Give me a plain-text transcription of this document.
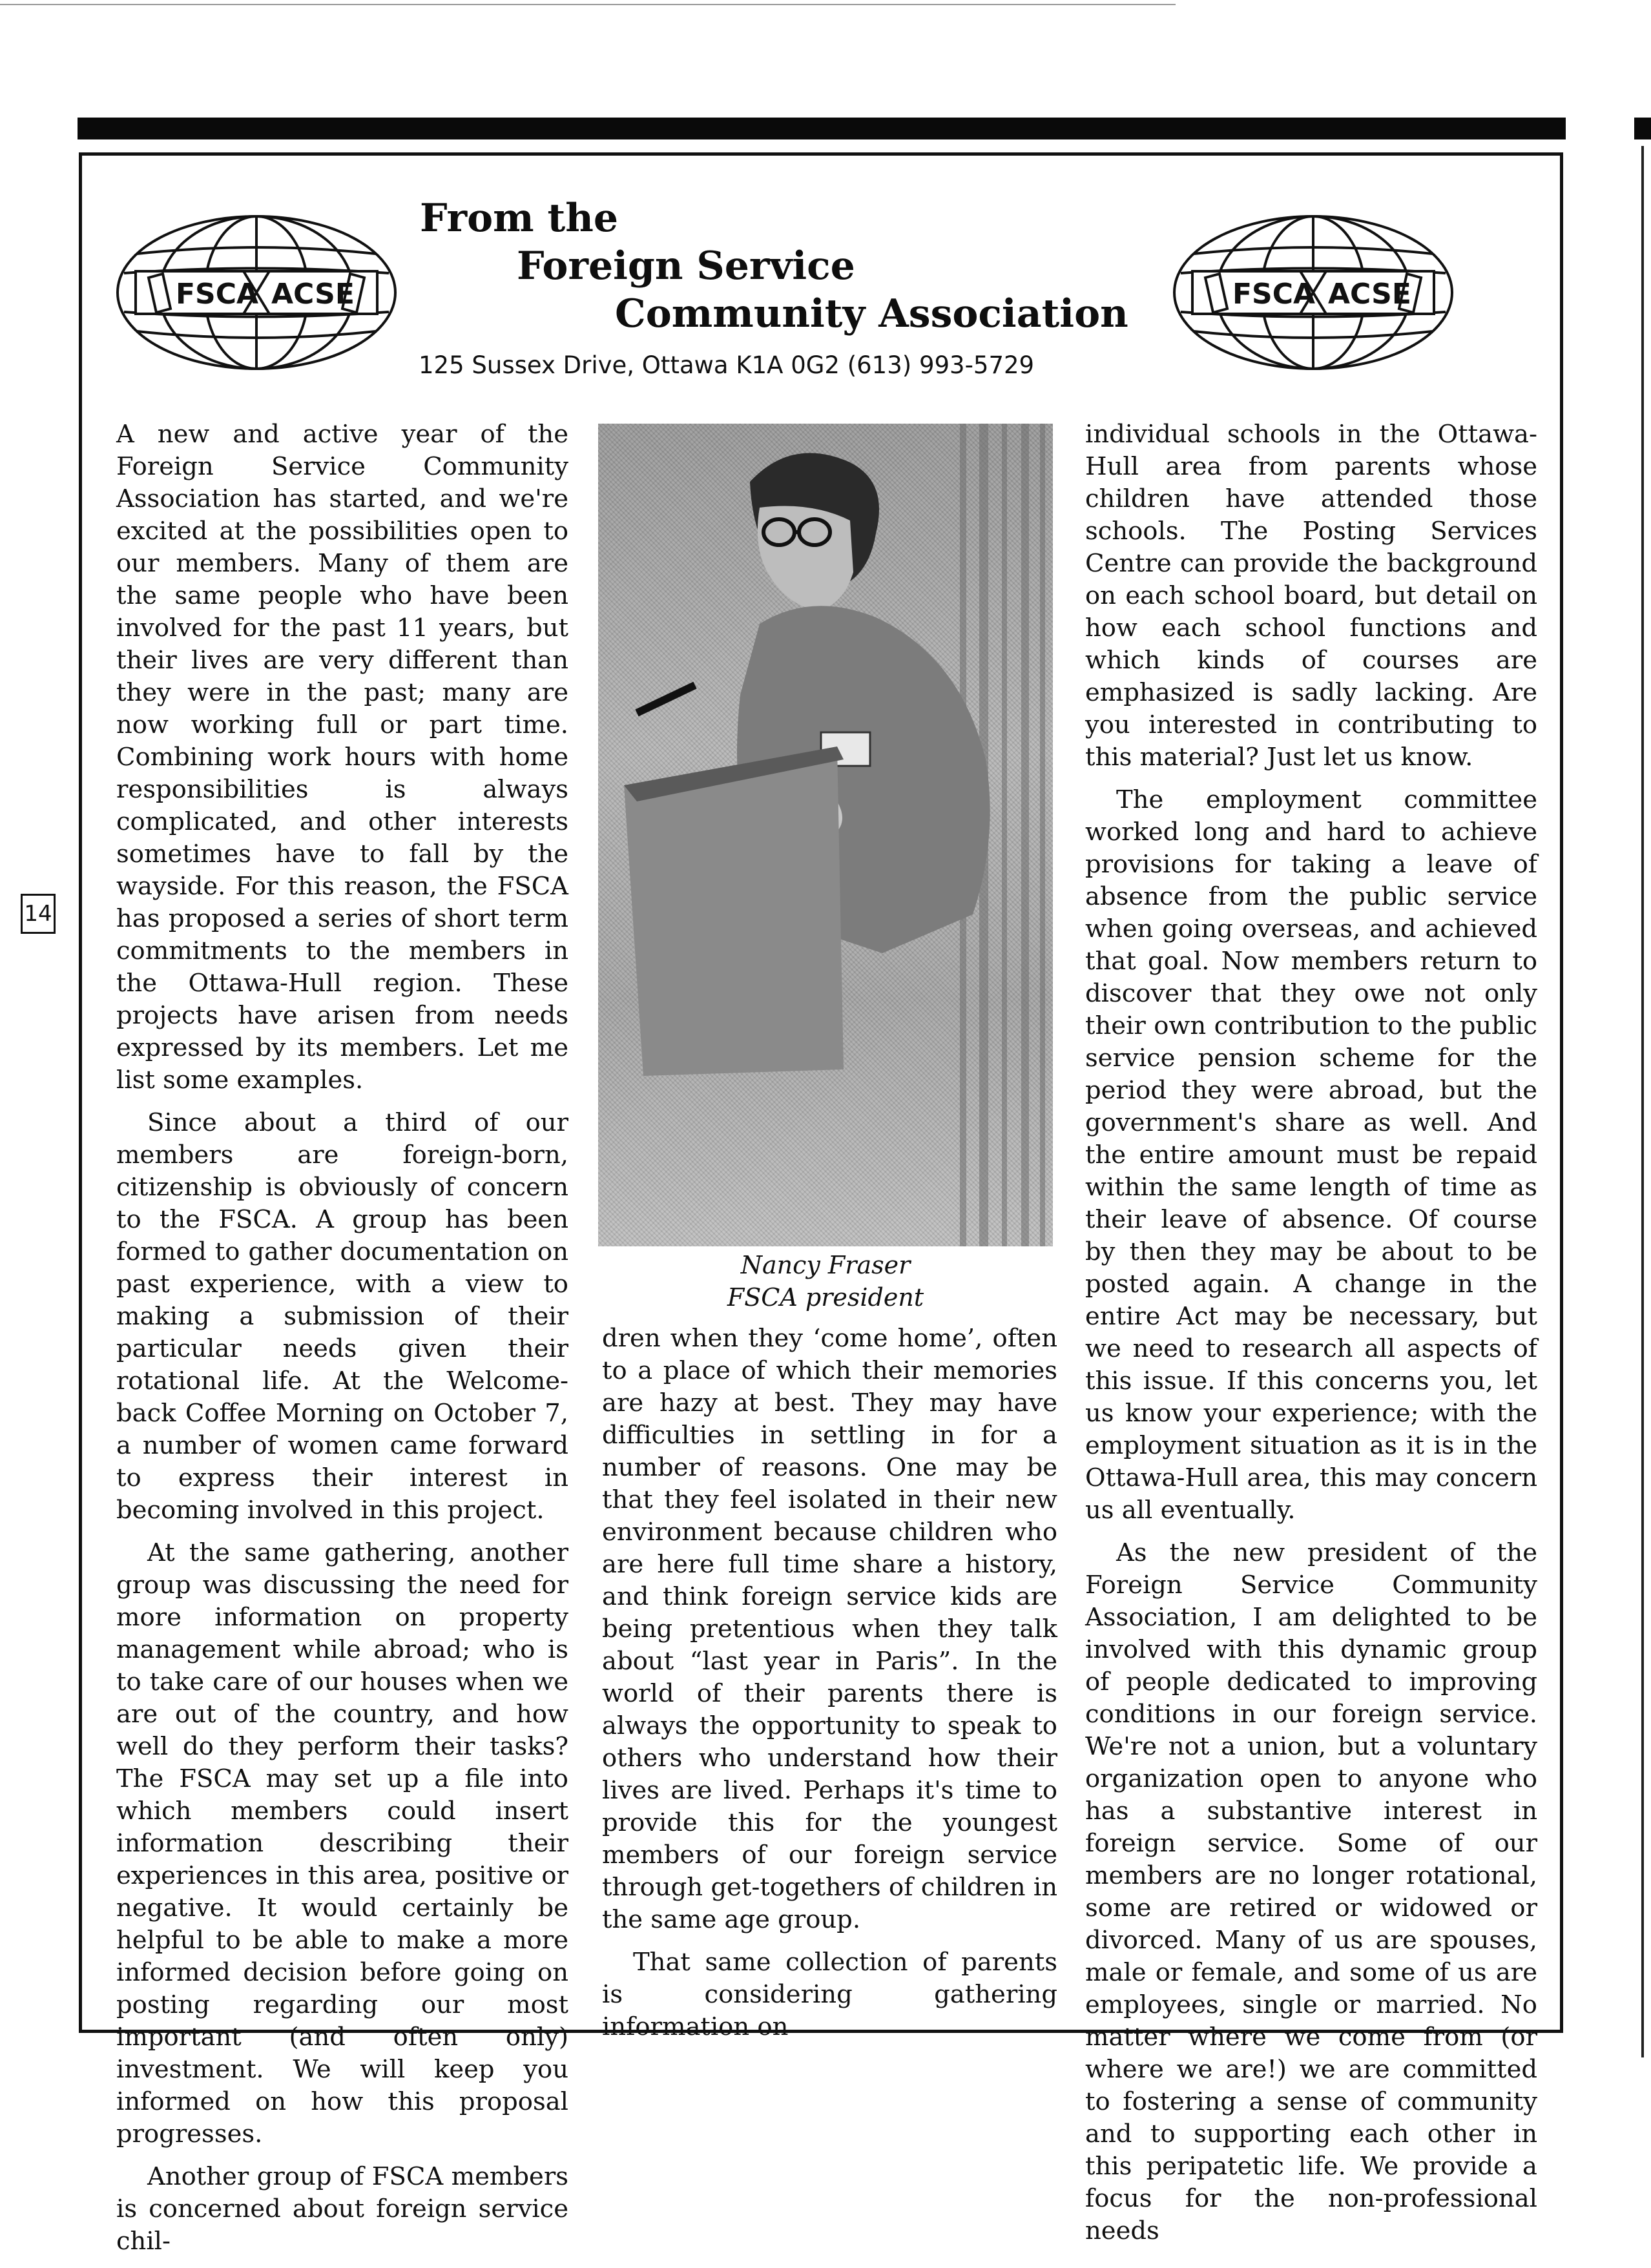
14
FSCA ACSE	FSCA ACSE
From the
Foreign Service
Community Association
125 Sussex Drive, Ottawa K1A 0G2 (613) 993-5729

A new and active year of the Foreign Service Community Association has started, and we're excited at the possibilities open to our members. Many of them are the same people who have been involved for the past 11 years, but their lives are very different than they were in the past; many are now working full or part time. Combining work hours with home responsibilities is always complicated, and other interests sometimes have to fall by the wayside. For this reason, the FSCA has proposed a series of short term commitments to the members in the Ottawa-Hull region. These projects have arisen from needs expressed by its members. Let me list some examples.

Since about a third of our members are foreign-born, citizenship is obviously of concern to the FSCA. A group has been formed to gather documentation on past experience, with a view to making a submission of their particular needs given their rotational life. At the Welcome-back Coffee Morning on October 7, a number of women came forward to express their interest in becoming involved in this project.

At the same gathering, another group was discussing the need for more information on property management while abroad; who is to take care of our houses when we are out of the country, and how well do they perform their tasks? The FSCA may set up a file into which members could insert information describing their experiences in this area, positive or negative. It would certainly be helpful to be able to make a more informed decision before going on posting regarding our most important (and often only) investment. We will keep you informed on how this proposal progresses.

Another group of FSCA members is concerned about foreign service chil-

Nancy Fraser
FSCA president

dren when they ‘come home’, often to a place of which their memories are hazy at best. They may have difficulties in settling in for a number of reasons. One may be that they feel isolated in their new environment because children who are here full time share a history, and think foreign service kids are being pretentious when they talk about “last year in Paris”. In the world of their parents there is always the opportunity to speak to others who understand how their lives are lived. Perhaps it's time to provide this for the youngest members of our foreign service through get-togethers of children in the same age group.

That same collection of parents is considering gathering information on

individual schools in the Ottawa-Hull area from parents whose children have attended those schools. The Posting Services Centre can provide the background on each school board, but detail on how each school functions and which kinds of courses are emphasized is sadly lacking. Are you interested in contributing to this material? Just let us know.

The employment committee worked long and hard to achieve provisions for taking a leave of absence from the public service when going overseas, and achieved that goal. Now members return to discover that they owe not only their own contribution to the public service pension scheme for the period they were abroad, but the government's share as well. And the entire amount must be repaid within the same length of time as their leave of absence. Of course by then they may be about to be posted again. A change in the entire Act may be necessary, but we need to research all aspects of this issue. If this concerns you, let us know your experience; with the employment situation as it is in the Ottawa-Hull area, this may concern us all eventually.

As the new president of the Foreign Service Community Association, I am delighted to be involved with this dynamic group of people dedicated to improving conditions in our foreign service. We're not a union, but a voluntary organization open to anyone who has a substantive interest in foreign service. Some of our members are no longer rotational, some are retired or widowed or divorced. Many of us are spouses, male or female, and some of us are employees, single or married. No matter where we come from (or where we are!) we are committed to fostering a sense of community and to supporting each other in this peripatetic life. We provide a focus for the non-professional needs
